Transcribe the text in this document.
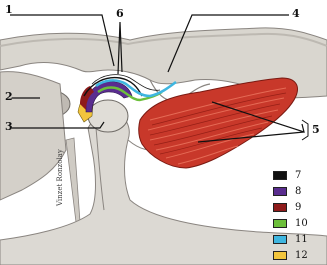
1
2
3
4
5
6
7
8
9
10
11
12
Vinzet Ronzolay
